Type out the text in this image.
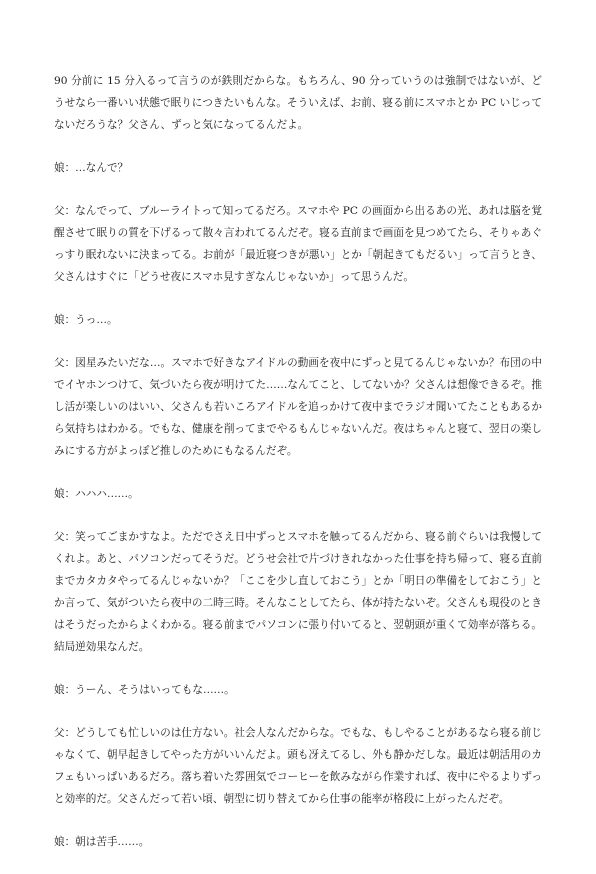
90 分前に 15 分入るって言うのが鉄則だからな。もちろん、90 分っていうのは強制ではないが、どうせなら一番いい状態で眠りにつきたいもんな。そういえば、お前、寝る前にスマホとか PC いじってないだろうな？父さん、ずっと気になってるんだよ。

娘：…なんで？

父：なんでって、ブルーライトって知ってるだろ。スマホや PC の画面から出るあの光、あれは脳を覚醒させて眠りの質を下げるって散々言われてるんだぞ。寝る直前まで画面を見つめてたら、そりゃあぐっすり眠れないに決まってる。お前が「最近寝つきが悪い」とか「朝起きてもだるい」って言うとき、父さんはすぐに「どうせ夜にスマホ見すぎなんじゃないか」って思うんだ。

娘：うっ…。

父：図星みたいだな…。スマホで好きなアイドルの動画を夜中にずっと見てるんじゃないか？布団の中でイヤホンつけて、気づいたら夜が明けてた……なんてこと、してないか？父さんは想像できるぞ。推し活が楽しいのはいい、父さんも若いころアイドルを追っかけて夜中までラジオ聞いてたこともあるから気持ちはわかる。でもな、健康を削ってまでやるもんじゃないんだ。夜はちゃんと寝て、翌日の楽しみにする方がよっぽど推しのためにもなるんだぞ。

娘：ハハハ……。

父：笑ってごまかすなよ。ただでさえ日中ずっとスマホを触ってるんだから、寝る前ぐらいは我慢してくれよ。あと、パソコンだってそうだ。どうせ会社で片づけきれなかった仕事を持ち帰って、寝る直前までカタカタやってるんじゃないか？「ここを少し直しておこう」とか「明日の準備をしておこう」とか言って、気がついたら夜中の二時三時。そんなことしてたら、体が持たないぞ。父さんも現役のときはそうだったからよくわかる。寝る前までパソコンに張り付いてると、翌朝頭が重くて効率が落ちる。結局逆効果なんだ。

娘：うーん、そうはいってもな……。

父：どうしても忙しいのは仕方ない。社会人なんだからな。でもな、もしやることがあるなら寝る前じゃなくて、朝早起きしてやった方がいいんだよ。頭も冴えてるし、外も静かだしな。最近は朝活用のカフェもいっぱいあるだろ。落ち着いた雰囲気でコーヒーを飲みながら作業すれば、夜中にやるよりずっと効率的だ。父さんだって若い頃、朝型に切り替えてから仕事の能率が格段に上がったんだぞ。

娘：朝は苦手……。
